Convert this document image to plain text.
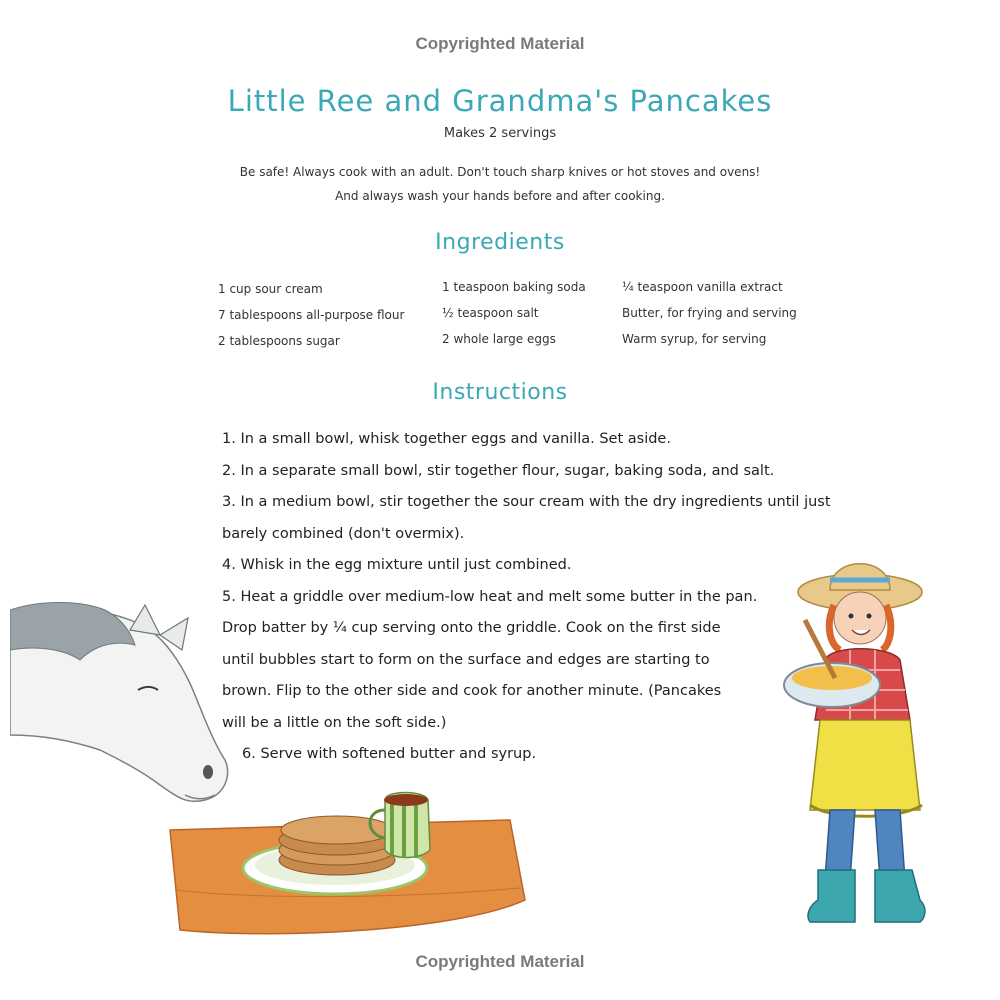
Copyrighted Material
Little Ree and Grandma's Pancakes
Makes 2 servings
Be safe! Always cook with an adult. Don't touch sharp knives or hot stoves and ovens!
And always wash your hands before and after cooking.
Ingredients
1 cup sour cream
7 tablespoons all-purpose flour
2 tablespoons sugar
1 teaspoon baking soda
½ teaspoon salt
2 whole large eggs
¼ teaspoon vanilla extract
Butter, for frying and serving
Warm syrup, for serving
Instructions
1. In a small bowl, whisk together eggs and vanilla. Set aside.
2. In a separate small bowl, stir together flour, sugar, baking soda, and salt.
3. In a medium bowl, stir together the sour cream with the dry ingredients until just
barely combined (don't overmix).
4. Whisk in the egg mixture until just combined.
5. Heat a griddle over medium-low heat and melt some butter in the pan.
Drop batter by ¼ cup serving onto the griddle. Cook on the first side
until bubbles start to form on the surface and edges are starting to
brown. Flip to the other side and cook for another minute. (Pancakes
will be a little on the soft side.)
6. Serve with softened butter and syrup.
Copyrighted Material
